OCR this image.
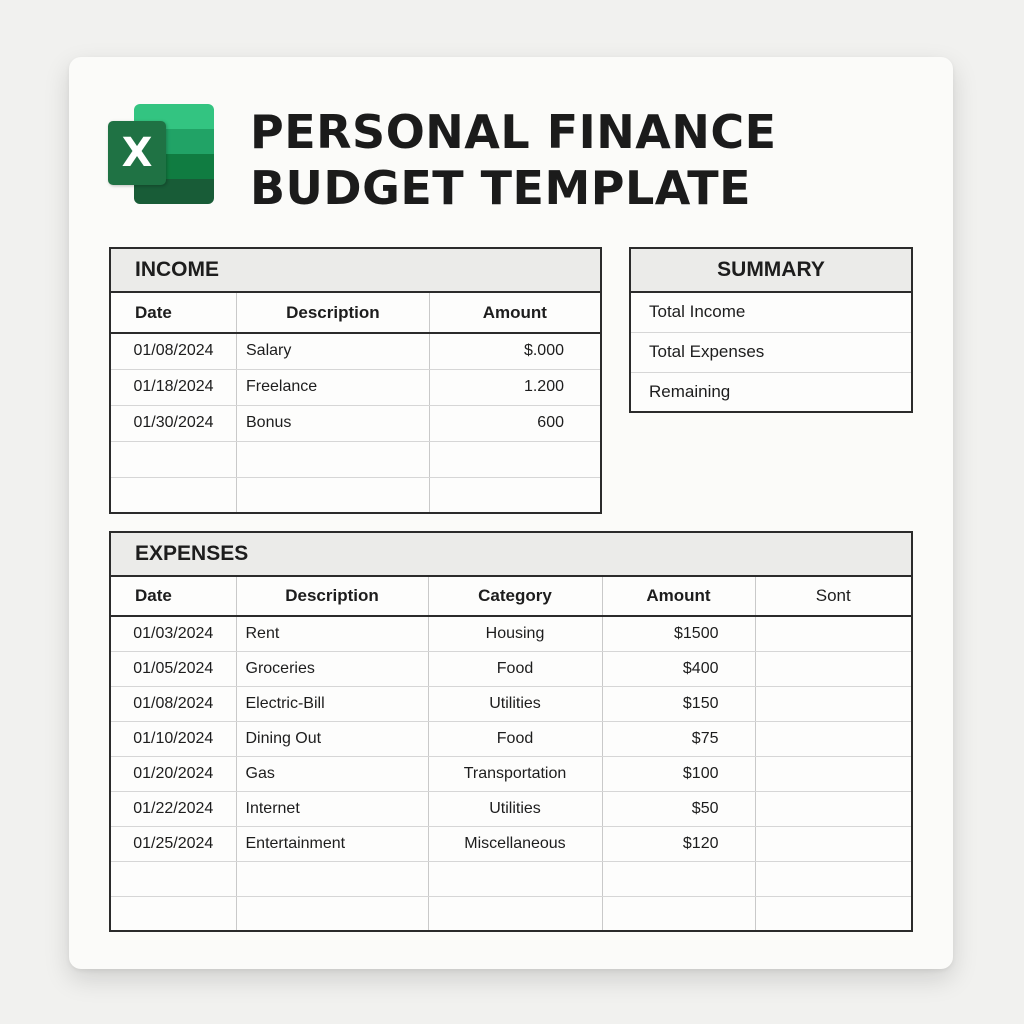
X PERSONAL FINANCE
BUDGET TEMPLATE
INCOME		
Date	Description	Amount
01/08/2024	Salary	$.000
01/18/2024	Freelance	1.200
01/30/2024	Bonus	600

SUMMARY
Total Income
Total Expenses
Remaining
EXPENSES				
Date	Description	Category	Amount	Sont
01/03/2024	Rent	Housing	$1500	
01/05/2024	Groceries	Food	$400	
01/08/2024	Electric-Bill	Utilities	$150	
01/10/2024	Dining Out	Food	$75	
01/20/2024	Gas	Transportation	$100	
01/22/2024	Internet	Utilities	$50	
01/25/2024	Entertainment	Miscellaneous	$120	
